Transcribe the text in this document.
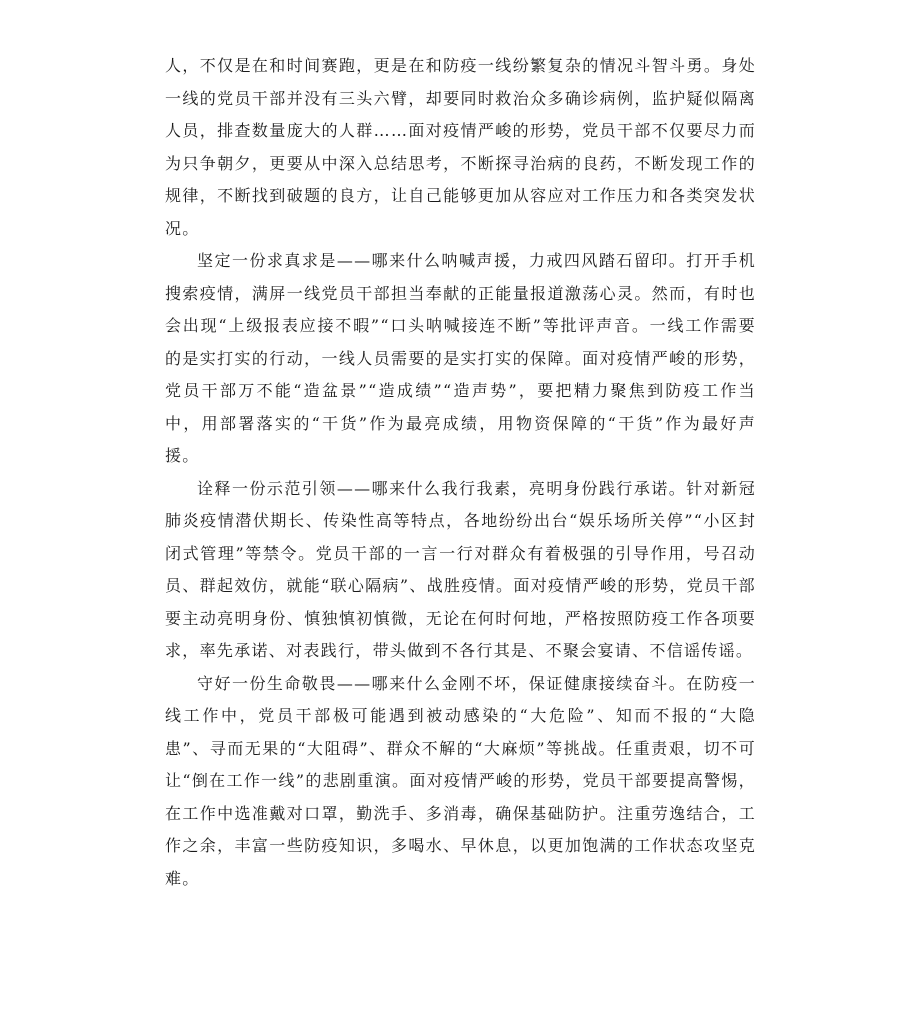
人，不仅是在和时间赛跑，更是在和防疫一线纷繁复杂的情况斗智斗勇。身处一线的党员干部并没有三头六臂，却要同时救治众多确诊病例，监护疑似隔离人员，排查数量庞大的人群……面对疫情严峻的形势，党员干部不仅要尽力而为只争朝夕，更要从中深入总结思考，不断探寻治病的良药，不断发现工作的规律，不断找到破题的良方，让自己能够更加从容应对工作压力和各类突发状况。

坚定一份求真求是——哪来什么呐喊声援，力戒四风踏石留印。打开手机搜索疫情，满屏一线党员干部担当奉献的正能量报道激荡心灵。然而，有时也会出现“上级报表应接不暇”“口头呐喊接连不断”等批评声音。一线工作需要的是实打实的行动，一线人员需要的是实打实的保障。面对疫情严峻的形势，党员干部万不能“造盆景”“造成绩”“造声势”，要把精力聚焦到防疫工作当中，用部署落实的“干货”作为最亮成绩，用物资保障的“干货”作为最好声援。

诠释一份示范引领——哪来什么我行我素，亮明身份践行承诺。针对新冠肺炎疫情潜伏期长、传染性高等特点，各地纷纷出台“娱乐场所关停”“小区封闭式管理”等禁令。党员干部的一言一行对群众有着极强的引导作用，号召动员、群起效仿，就能“联心隔病”、战胜疫情。面对疫情严峻的形势，党员干部要主动亮明身份、慎独慎初慎微，无论在何时何地，严格按照防疫工作各项要求，率先承诺、对表践行，带头做到不各行其是、不聚会宴请、不信谣传谣。

守好一份生命敬畏——哪来什么金刚不坏，保证健康接续奋斗。在防疫一线工作中，党员干部极可能遇到被动感染的“大危险”、知而不报的“大隐患”、寻而无果的“大阻碍”、群众不解的“大麻烦”等挑战。任重责艰，切不可让“倒在工作一线”的悲剧重演。面对疫情严峻的形势，党员干部要提高警惕，在工作中选准戴对口罩，勤洗手、多消毒，确保基础防护。注重劳逸结合，工作之余，丰富一些防疫知识，多喝水、早休息，以更加饱满的工作状态攻坚克难。
